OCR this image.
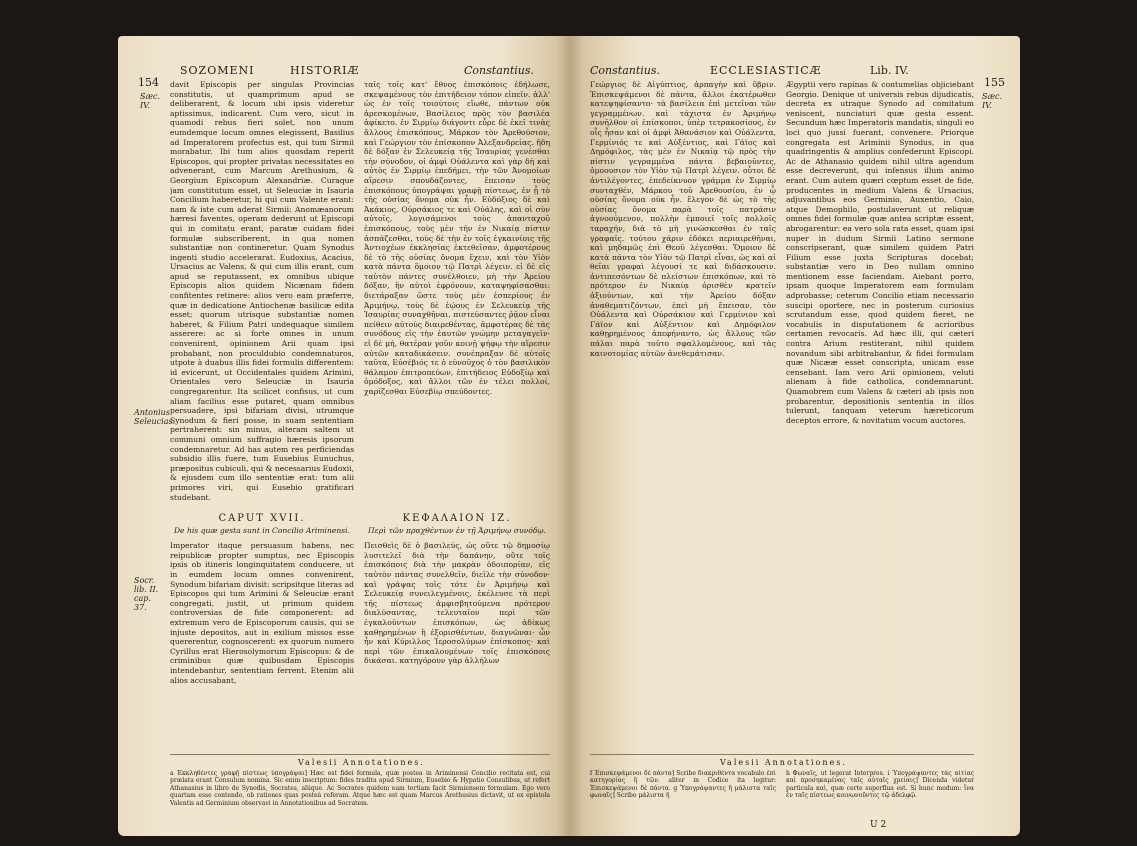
154
SOZOMENI	HISTORIÆ	Constantius.
Sæc. IV.
Antonius Seleucias.
Socr. lib. II. cap. 37.

davit Episcopis per singulas Provincias constitutis, ut quamprimum apud se deliberarent, & locum ubi ipsis videretur aptissimus, indicarent. Cum vero, sicut in quamodi rebus fieri solet, non unum eumdemque locum omnes elegissent, Basilius ad Imperatorem profectus est, qui tum Sirmii morabatur. Ibi tum alios quosdam reperit Episcopos, qui propter privatas necessitates eo advenerant, cum Marcum Arethusium, & Georgium Episcopum Alexandriæ. Curaque jam constitutum esset, ut Seleuciæ in Isauria Concilium haberetur, hi qui cum Valente erant: nam & iste cum aderat Sirmii: Anomæanorum hæresi faventes, operam dederunt ut Episcopi qui in comitatu erant, paratæ cuidam fidei formulæ subscriberent, in qua nomen substantiæ non contineretur. Quam Synodus ingenti studio accelerarat. Eudoxius, Acacius, Ursacius ac Valens, & qui cum illis erant, cum apud se reputassent, ex omnibus ubique Episcopis alios quidem Nicænam fidem confitentes retinere: alios vero eam præferre, quæ in dedicatione Antiochenæ basilicæ edita esset; quorum utrisque substantiæ nomen haberet, & Filium Patri undequaque similem asserere: ac si forte omnes in unum convenirent, opinionem Arii quam ipsi probabant, non proculdubio condemnaturos, utpote à duabus illis fidei formulis differentem: id evicerunt, ut Occidentales quidem Arimini, Orientales vero Seleuciæ in Isauria congregarentur. Ita scilicet confisus, ut cum aliam facilius esse putaret, quam omnibus persuadere, ipsi bifariam divisi, utrumque Synodum & fieri posse, in suam sententiam pertraherent: sin minus, alteram saltem ut communi omnium suffragio hæresis ipsorum condemnaretur. Ad has autem res perficiendas subsidio illis fuere, tum Eusebius Eunuchus, præpositus cubiculi, qui & necessarius Eudoxii, & ejusdem cum illo sententiæ erat: tum alii primores viri, qui Eusebio gratificari studebant.

CAPUT XVII.
De his quæ gesta sunt in Concilio Ariminensi.

Imperator itaque persuasum habens, nec reipublicæ propter sumptus, nec Episcopis ipsis ob itineris longinquitatem conducere, ut in eumdem locum omnes convenirent, Synodum bifariam divisit: scripsitque literas ad Episcopos qui tum Arimini & Seleuciæ erant congregati, justit, ut primum quidem controversias de fide componerent: ad extremum vero de Episcoporum causis, qui se injuste depositos, aut in exilium missos esse quererentur, cognoscerent: ex quorum numero Cyrillus erat Hierosolymorum Episcopus: & de criminibus quæ quibusdam Episcopis intendebantur, sententiam ferrent. Etenim alii alios accusabant,

ταῖς τοῖς κατ' ἔθνος ἐπισκόποις ἐδήλωσε, σκεψαμένους τὸν ἐπιτήδειον τόπον εἰπεῖν. ἀλλ' ὡς ἐν τοῖς τοιούτοις εἴωθε, πάντων οὐκ ἀρεσκομένων, Βασίλειος πρὸς τὸν βασιλέα ἀφίκετο. ἐν Σιρμίῳ διάγοντι εὗρε δὲ ἐκεῖ τινὰς ἄλλους ἐπισκόπους, Μάρκον τὸν Ἀρεθούσιον, καὶ Γεώργιον τὸν ἐπίσκοπον Ἀλεξανδρείας. ἤδη δὲ δόξαν ἐν Σελευκείᾳ τῆς Ἰσαυρίας γενέσθαι τὴν σύνοδον, οἱ ἀμφὶ Οὐάλεντα καὶ γὰρ δὴ καὶ αὐτὸς ἐν Σιρμίῳ ἐπεδήμει, τὴν τῶν Ἀνομοίων αἵρεσιν σπουδάζοντες, ἔπεισαν τοὺς ἐπισκόπους ὑπογράψαι γραφῇ πίστεως, ἐν ᾗ τὸ τῆς οὐσίας ὄνομα οὐκ ἦν. Εὐδόξιος δὲ καὶ Ἀκάκιος, Οὐρσάκιος τε καὶ Οὐάλης, καὶ οἱ σὺν αὐτοῖς, λογισάμενοι τοὺς ἁπανταχοῦ ἐπισκόπους, τοὺς μὲν τὴν ἐν Νικαίᾳ πίστιν ἀσπάζεσθαι, τοὺς δὲ τὴν ἐν τοῖς ἐγκαινίοις τῆς Ἀντιοχέων ἐκκλησίας ἐκτεθεῖσαν, ἀμφοτέρους δὲ τὸ τῆς οὐσίας ὄνομα ἔχειν, καὶ τὸν Υἱὸν κατὰ πάντα ὅμοιον τῷ Πατρὶ λέγειν. εἰ δὲ εἰς ταὐτὸν πάντες συνέλθοιεν, μὴ τὴν Ἀρείου δόξαν, ἣν αὐτοὶ ἐφρόνουν, καταψηφίσασθαι: διετάραξαν ὥστε τοὺς μὲν ἑσπερίους ἐν Ἀριμήνῳ, τοὺς δὲ ἑῴους ἐν Σελευκείᾳ τῆς Ἰσαυρίας συναχθῆναι. πιστεύσαντες ῥᾷον εἶναι πείθειν αὐτοὺς διαιρεθέντας, ἀμφοτέρας δὲ τὰς συνόδους εἰς τὴν ἑαυτῶν γνώμην μεταγαγεῖν· εἰ δὲ μή, θατέραν γοῦν κοινῇ ψήφῳ τὴν αἵρεσιν αὐτῶν καταδικάσειν. συνέπραξαν δὲ αὐτοῖς ταῦτα, Εὐσέβιός τε ὁ εὐνοῦχος ὁ τὸν βασιλικὸν θάλαμον ἐπιτροπεύων, ἐπιτήδειος Εὐδοξίῳ καὶ ὁμόδοξος, καὶ ἄλλοι τῶν ἐν τέλει πολλοί, χαρίζεσθαι Εὐσεβίῳ σπεύδοντες.

ΚΕΦΑΛΑΙΟΝ ΙΖ.
Περὶ τῶν πραχθέντων ἐν τῇ Ἀριμήνῳ συνόδῳ.

Πεισθεὶς δὲ ὁ βασιλεύς, ὡς οὔτε τῷ δημοσίῳ λυσιτελεῖ διὰ τὴν δαπάνην, οὔτε τοῖς ἐπισκόποις διὰ τὴν μακρὰν ὁδοιπορίαν, εἰς ταὐτὸν πάντας συνελθεῖν, διεῖλε τὴν σύνοδον· καὶ γράψας τοῖς τότε ἐν Ἀριμήνῳ καὶ Σελευκείᾳ συνειλεγμένοις, ἐκέλευσε τὰ περὶ τῆς πίστεως ἀμφισβητούμενα πρότερον διαλύσαντας, τελευταῖον περὶ τῶν ἐγκαλούντων ἐπισκόπων, ὡς ἀδίκως καθῃρημένων ἢ ἐξορισθέντων, διαγνῶναι· ὧν ἦν καὶ Κύριλλος Ἱεροσολύμων ἐπίσκοπος· καὶ περὶ τῶν ἐπικαλουμένων τοῖς ἐπισκόποις δικάσαι. κατηγόρουν γὰρ ἀλλήλων

Valesii Annotationes.
a Ἐκκληθέντες γραφῇ πίστεως ὑπογράψαι] Hæc est fidei formula, quæ postea in Ariminensi Concilio recitata est, cui prælata erant Consulum nomina. Sic enim inscriptum: fides tradita apud Sirmium, Eusebio & Hypatio Consulibus, ut refert Athanasius in libro de Synodis, Socrates, aliique. Ac Socrates quidem eam tertiam facit Sirmiensem formulam. Ego vero quartam esse contendo, ob rationes quas posteà referam. Atque hæc est quam Marcus Arethusius dictavit, ut ex epistola Valentis ad Germinium observavi in Annotationibus ad Socratem.
Constantius.	ECCLESIASTICÆ	Lib. IV.
155
Sæc. IV.

Γεώργιος δὲ Αἰγύπτιος, ἁρπαγὴν καὶ ὕβριν. Ἐπισκεψάμενοι δὲ πάντα, ἄλλοι ἑκατέρωθεν κατεψηφίσαντο· τὰ βασίλεια ἐπὶ μετεῖναι τῶν γεγραμμένων. καὶ τάχιστα ἐν Ἀριμήνῳ συνῆλθον οἱ ἐπίσκοποι, ὑπὲρ τετρακοσίους, ἐν οἷς ἦσαν καὶ οἱ ἀμφὶ Ἀθανάσιον καὶ Οὐάλεντα, Γερμίνιός τε καὶ Αὐξέντιος, καὶ Γάϊος καὶ Δημόφιλος, τὰς μὲν ἐν Νικαίᾳ τῷ πρὸς τὴν πίστιν γεγραμμένα πάντα βεβαιοῦντες, ὁμοουσιον τὸν Υἱὸν τῷ Πατρὶ λέγειν. οὗτοι δὲ ἀντιλέγοντες, ἐπεδείκνυον γράμμα ἐν Σιρμίῳ συνταχθέν, Μάρκου τοῦ Ἀρεθουσίου, ἐν ᾧ οὐσίας ὄνομα οὐκ ἦν. ἔλεγον δὲ ὡς τὸ τῆς οὐσίας ὄνομα παρὰ τοῖς πατράσιν ἀγνοούμενον, πολλὴν ἐμποιεῖ τοῖς πολλοῖς ταραχήν, διὰ τὸ μὴ γινώσκεσθαι ἐν ταῖς γραφαῖς. τούτου χάριν ἐδόκει περιαιρεθῆναι, καὶ μηδαμῶς ἐπὶ Θεοῦ λέγεσθαι. Ὅμοιον δὲ κατὰ πάντα τὸν Υἱὸν τῷ Πατρὶ εἶναι, ὡς καὶ αἱ θεῖαι γραφαὶ λέγουσί τε καὶ διδάσκουσιν. ἀντιπεσόντων δὲ πλείστων ἐπισκόπων, καὶ τὸ πρότερον ἐν Νικαίᾳ ὁρισθὲν κρατεῖν ἀξιούντων, καὶ τὴν Ἀρείου δόξαν ἀναθεματιζόντων, ἐπεὶ μὴ ἔπεισαν, τὸν Οὐάλεντα καὶ Οὐρσάκιον καὶ Γερμίνιον καὶ Γάϊον καὶ Αὐξέντιον καὶ Δημόφιλον καθῃρημένους ἀπεφήναντο, ὡς ἄλλους τῶν πάλαι παρὰ τοῦτο σφαλλομένους, καὶ τὰς καινοτομίας αὐτῶν ἀνεθεμάτισαν.

Ægyptii vero rapinas & contumelias objiciebant Georgio. Denique ut universis rebus dijudicatis, decreta ex utraque Synodo ad comitatum veniscent, nunciaturi quæ gesta essent. Secundum hæc Imperatoris mandatis, singuli eo loci quo jussi fuerant, convenere. Priorque congregata est Ariminii Synodus, in qua quadringentis & amplius confederunt Episcopi. Ac de Athanasio quidem nihil ultra agendum esse decreverunt, qui infensus illum animo erant. Cum autem quæri cœptum esset de fide, producentes in medium Valens & Ursacius, adjuvantibus eos Germinio, Auxentio, Caio, atque Demophilo, postulaverunt ut reliquæ omnes fidei formulæ quæ antea scriptæ essent, abrogarentur: ea vero sola rata esset, quam ipsi nuper in dudum Sirmii Latino sermone conscripserant, quæ similem quidem Patri Filium esse juxta Scripturas docebat; substantiæ vero in Deo nullam omnino mentionem esse faciendam. Aiebant porro, ipsam quoque Imperatorem eam formulam adprobasse; ceterum Concilio etiam necessario suscipi oportere, nec in posterum curiosius scrutandum esse, quod quidem fieret, ne vocabulis in disputationem & acrioribus certamen revocaris. Ad hæc illi, qui cæteri contra Arium restiterant, nihil quidem novandum sibi arbitrabantur, & fidei formulam quæ Nicææ esset conscripta, unicam esse censebant. Iam vero Arii opinionem, veluti alienam à fide catholica, condemnarunt. Quamobrem cum Valens & cæteri ab ipsis non probarentur, depositionis sententia in illos tulerunt, tanquam veterum hæreticorum deceptos errore, & novitatum vocum auctores.

Valesii Annotationes.
f Ἐπισκεψάμενοι δὲ πάντα] Scribe διακριθέντα vocabulo ἐπὶ κατηγορίας ἢ τῶν. aliter in Codice ita legitur: Ἐπισκεψάμενοι δὲ πάντα. g Ὑπογράψαντες ἢ μάλιστα ταῖς φωναῖς] Scribo μάλιστα ἢ
h Φωναῖς, ut legerat Interpres. i Ὑπογράψαντες τὰς αἰτίας καὶ προσηκαμένας ταῖς αὐταῖς χρείαις] Dicenda videtur particula καὶ, quæ certe superflua est. Si hunc modum: ἵνα ἐν ταῖς πίστεως κοινωνοῦντες τῷ ἀδελφῷ.
U 2
